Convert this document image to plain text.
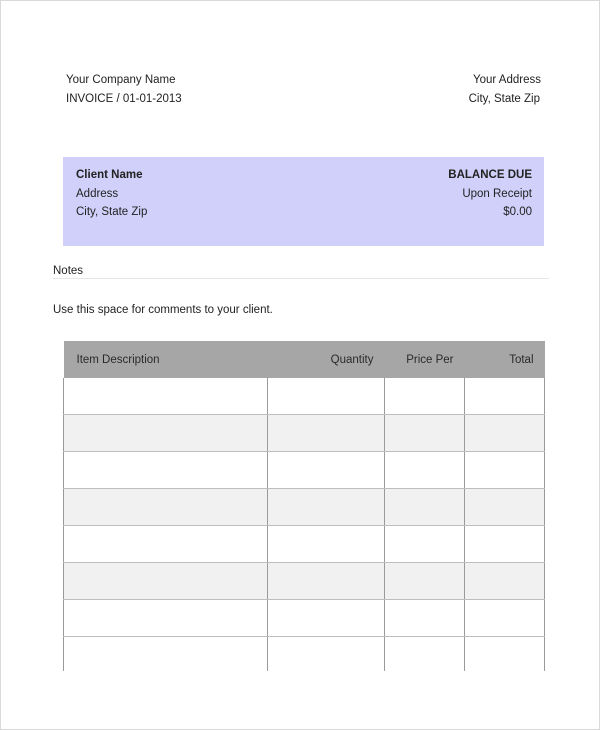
Your Company Name
INVOICE / 01-01-2013
Your Address
City, State Zip
Client Name
Address
City, State Zip
BALANCE DUE
Upon Receipt
$0.00
Notes
Use this space for comments to your client.
Item Description	Quantity	Price Per	Total
